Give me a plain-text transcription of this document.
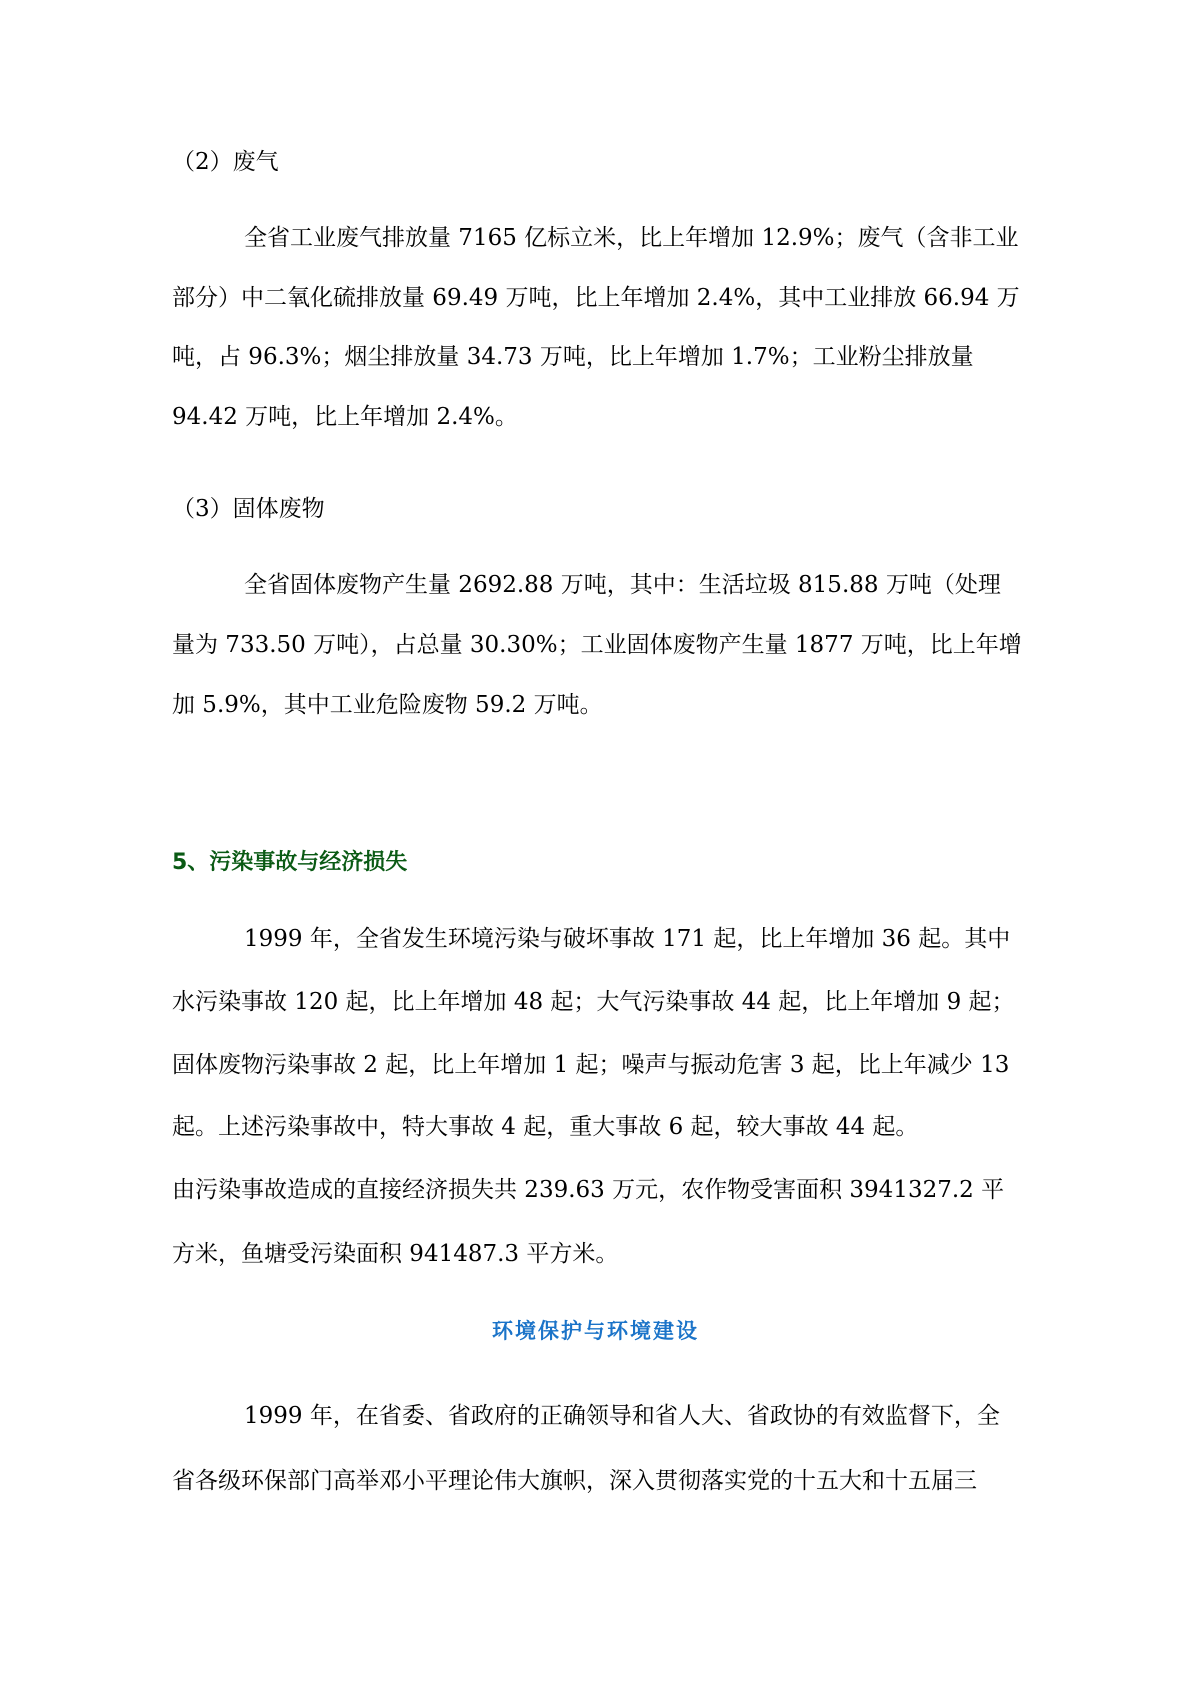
（2）废气
全省工业废气排放量 7165 亿标立米，比上年增加 12.9%；废气（含非工业
部分）中二氧化硫排放量 69.49 万吨，比上年增加 2.4%，其中工业排放 66.94 万
吨，占 96.3%；烟尘排放量 34.73 万吨，比上年增加 1.7%；工业粉尘排放量
94.42 万吨，比上年增加 2.4%。
（3）固体废物
全省固体废物产生量 2692.88 万吨，其中：生活垃圾 815.88 万吨（处理
量为 733.50 万吨），占总量 30.30%；工业固体废物产生量 1877 万吨，比上年增
加 5.9%，其中工业危险废物 59.2 万吨。
5、污染事故与经济损失
1999 年，全省发生环境污染与破坏事故 171 起，比上年增加 36 起。其中
水污染事故 120 起，比上年增加 48 起；大气污染事故 44 起，比上年增加 9 起；
固体废物污染事故 2 起，比上年增加 1 起；噪声与振动危害 3 起，比上年减少 13
起。上述污染事故中，特大事故 4 起，重大事故 6 起，较大事故 44 起。
由污染事故造成的直接经济损失共 239.63 万元，农作物受害面积 3941327.2 平
方米，鱼塘受污染面积 941487.3 平方米。
环境保护与环境建设
1999 年，在省委、省政府的正确领导和省人大、省政协的有效监督下，全
省各级环保部门高举邓小平理论伟大旗帜，深入贯彻落实党的十五大和十五届三
